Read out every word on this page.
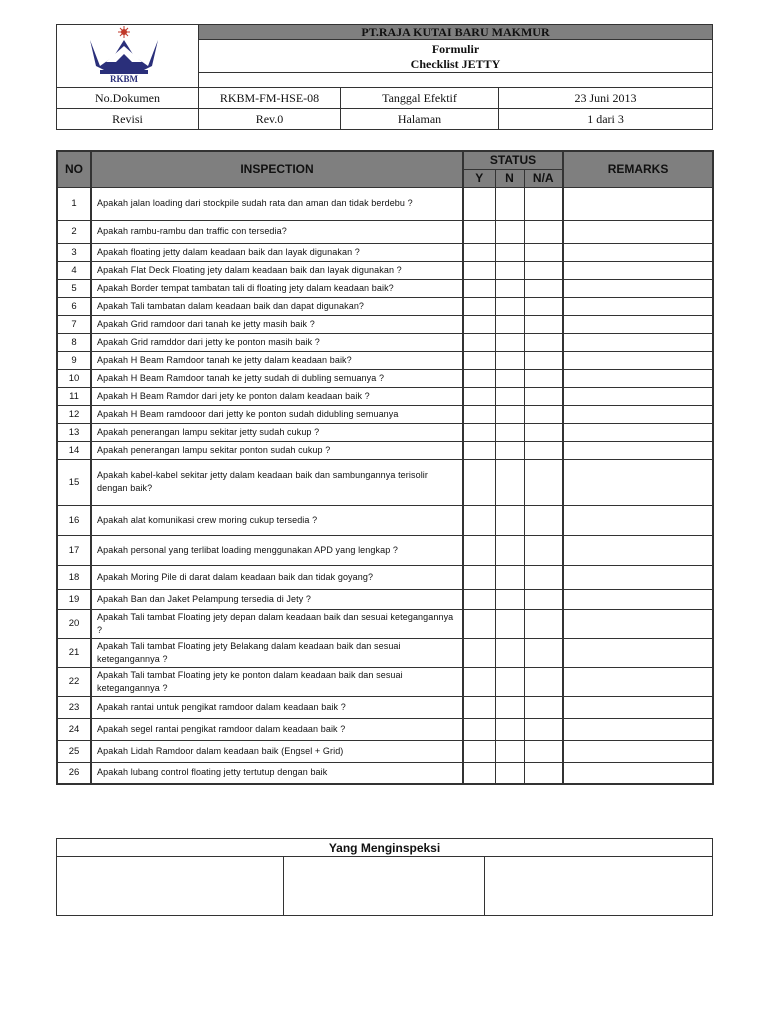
RKBM	PT.RAJA KUTAI BARU MAKMUR		

	Formulir
Checklist JETTY		

No.Dokumen	RKBM-FM-HSE-08	Tanggal Efektif	23 Juni 2013
Revisi	Rev.0	Halaman	1 dari 3
NO	INSPECTION	STATUS			REMARKS
		Y	N	N/A	
1	Apakah jalan loading dari stockpile sudah rata dan aman dan tidak berdebu ?				
2	Apakah rambu-rambu dan traffic con tersedia?				
3	Apakah floating jetty dalam keadaan baik dan layak digunakan ?				
4	Apakah Flat Deck Floating jety dalam keadaan baik dan layak digunakan ?				
5	Apakah Border tempat tambatan tali di floating jety dalam keadaan baik?				
6	Apakah Tali tambatan dalam keadaan baik dan dapat digunakan?				
7	Apakah Grid ramdoor dari tanah ke jetty masih baik ?				
8	Apakah Grid ramddor dari jetty ke ponton masih baik ?				
9	Apakah H Beam Ramdoor tanah ke jetty dalam keadaan baik?				
10	Apakah H Beam Ramdoor tanah ke jetty sudah di dubling semuanya ?				
11	Apakah H Beam Ramdor dari jety ke ponton dalam keadaan baik ?				
12	Apakah H Beam ramdooor dari jetty ke ponton sudah didubling semuanya				
13	Apakah penerangan lampu sekitar jetty sudah cukup ?				
14	Apakah penerangan lampu sekitar ponton sudah cukup ?				
15	Apakah kabel-kabel sekitar jetty dalam keadaan baik dan sambungannya terisolir dengan baik?				
16	Apakah alat komunikasi crew moring cukup tersedia ?				
17	Apakah personal yang terlibat loading menggunakan APD yang lengkap ?				
18	Apakah Moring Pile di darat dalam keadaan baik dan tidak goyang?				
19	Apakah Ban dan Jaket Pelampung tersedia di Jety ?				
20	Apakah Tali tambat Floating jety depan dalam keadaan baik dan sesuai ketegangannya ?				
21	Apakah Tali tambat Floating jety Belakang dalam keadaan baik dan sesuai ketegangannya ?				
22	Apakah Tali tambat Floating jety ke ponton dalam keadaan baik dan sesuai ketegangannya ?				
23	Apakah rantai untuk pengikat ramdoor dalam keadaan baik ?				
24	Apakah segel rantai pengikat ramdoor dalam keadaan baik ?				
25	Apakah Lidah Ramdoor dalam keadaan baik (Engsel + Grid)				
26	Apakah lubang control floating jetty tertutup dengan baik				
Yang Menginspeksi
